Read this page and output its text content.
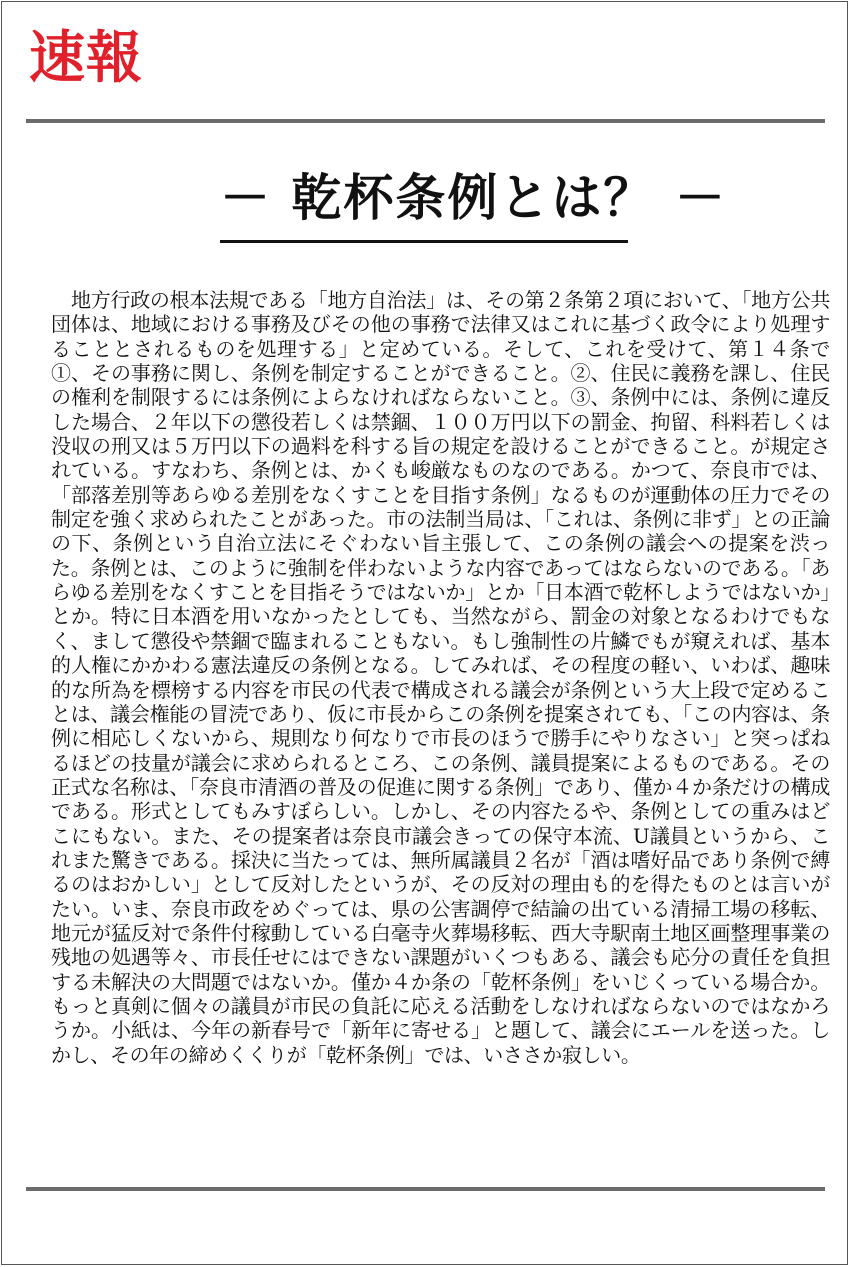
速報
－ 乾杯条例とは？ －

地方行政の根本法規である「地方自治法」は、その第２条第２項において、「地方公共団体は、地域における事務及びその他の事務で法律又はこれに基づく政令により処理することとされるものを処理する」と定めている。そして、これを受けて、第１４条で①、その事務に関し、条例を制定することができること。②、住民に義務を課し、住民の権利を制限するには条例によらなければならないこと。③、条例中には、条例に違反した場合、２年以下の懲役若しくは禁錮、１００万円以下の罰金、拘留、科料若しくは没収の刑又は５万円以下の過料を科する旨の規定を設けることができること。が規定されている。すなわち、条例とは、かくも峻厳なものなのである。かつて、奈良市では、「部落差別等あらゆる差別をなくすことを目指す条例」なるものが運動体の圧力でその制定を強く求められたことがあった。市の法制当局は、「これは、条例に非ず」との正論の下、条例という自治立法にそぐわない旨主張して、この条例の議会への提案を渋った。条例とは、このように強制を伴わないような内容であってはならないのである。「あらゆる差別をなくすことを目指そうではないか」とか「日本酒で乾杯しようではないか」とか。特に日本酒を用いなかったとしても、当然ながら、罰金の対象となるわけでもなく、まして懲役や禁錮で臨まれることもない。もし強制性の片鱗でもが窺えれば、基本的人権にかかわる憲法違反の条例となる。してみれば、その程度の軽い、いわば、趣味的な所為を標榜する内容を市民の代表で構成される議会が条例という大上段で定めることは、議会権能の冒涜であり、仮に市長からこの条例を提案されても、「この内容は、条例に相応しくないから、規則なり何なりで市長のほうで勝手にやりなさい」と突っぱねるほどの技量が議会に求められるところ、この条例、議員提案によるものである。その正式な名称は、「奈良市清酒の普及の促進に関する条例」であり、僅か４か条だけの構成である。形式としてもみすぼらしい。しかし、その内容たるや、条例としての重みはどこにもない。また、その提案者は奈良市議会きっての保守本流、U議員というから、これまた驚きである。採決に当たっては、無所属議員２名が「酒は嗜好品であり条例で縛るのはおかしい」として反対したというが、その反対の理由も的を得たものとは言いがたい。いま、奈良市政をめぐっては、県の公害調停で結論の出ている清掃工場の移転、地元が猛反対で条件付稼動している白毫寺火葬場移転、西大寺駅南土地区画整理事業の残地の処遇等々、市長任せにはできない課題がいくつもある、議会も応分の責任を負担する未解決の大問題ではないか。僅か４か条の「乾杯条例」をいじくっている場合か。もっと真剣に個々の議員が市民の負託に応える活動をしなければならないのではなかろうか。小紙は、今年の新春号で「新年に寄せる」と題して、議会にエールを送った。しかし、その年の締めくくりが「乾杯条例」では、いささか寂しい。
